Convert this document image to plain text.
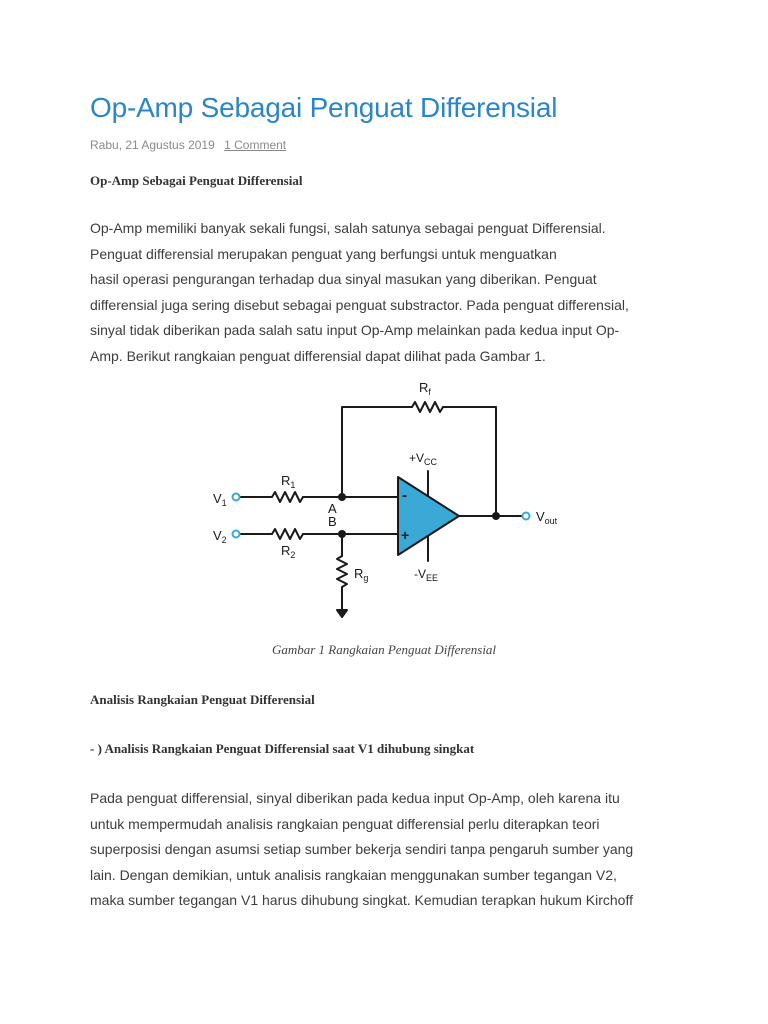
Op-Amp Sebagai Penguat Differensial
Rabu, 21 Agustus 2019 1 Comment
Op-Amp Sebagai Penguat Differensial

Op-Amp memiliki banyak sekali fungsi, salah satunya sebagai penguat Differensial.
Penguat differensial merupakan penguat yang berfungsi untuk menguatkan
hasil operasi pengurangan terhadap dua sinyal masukan yang diberikan. Penguat
differensial juga sering disebut sebagai penguat substractor. Pada penguat differensial,
sinyal tidak diberikan pada salah satu input Op-Amp melainkan pada kedua input Op-
Amp. Berikut rangkaian penguat differensial dapat dilihat pada Gambar 1.

-
+
$R_f$
$+V_{CC}$
$R_1$
$V_1$	A
B
$V_2$
$R_2$
$R_g$	$-V_{EE}$
$V_{out}$
Gambar 1 Rangkaian Penguat Differensial
Analisis Rangkaian Penguat Differensial
- ) Analisis Rangkaian Penguat Differensial saat V1 dihubung singkat

Pada penguat differensial, sinyal diberikan pada kedua input Op-Amp, oleh karena itu
untuk mempermudah analisis rangkaian penguat differensial perlu diterapkan teori
superposisi dengan asumsi setiap sumber bekerja sendiri tanpa pengaruh sumber yang
lain. Dengan demikian, untuk analisis rangkaian menggunakan sumber tegangan V2,
maka sumber tegangan V1 harus dihubung singkat. Kemudian terapkan hukum Kirchoff
